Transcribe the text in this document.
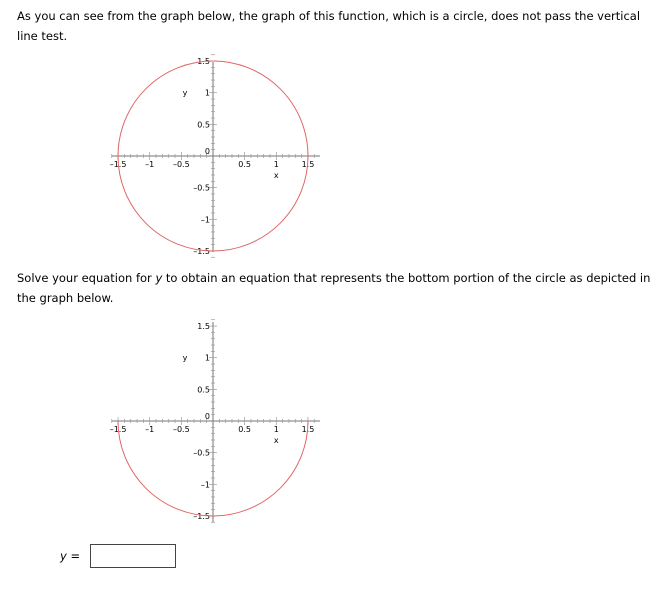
As you can see from the graph below, the graph of this function, which is a circle, does not pass the vertical line test.

–1.5 –1 –0.5	0.5	1	1.5
1.5
1
0.5
–0.5
–1
–1.5
0
x
y

Solve your equation for y to obtain an equation that represents the bottom portion of the circle as depicted in the graph below.

–1.5 –1 –0.5	0.5	1	1.5
1.5
1
0.5
–0.5
–1
–1.5
0
x
y
y =
